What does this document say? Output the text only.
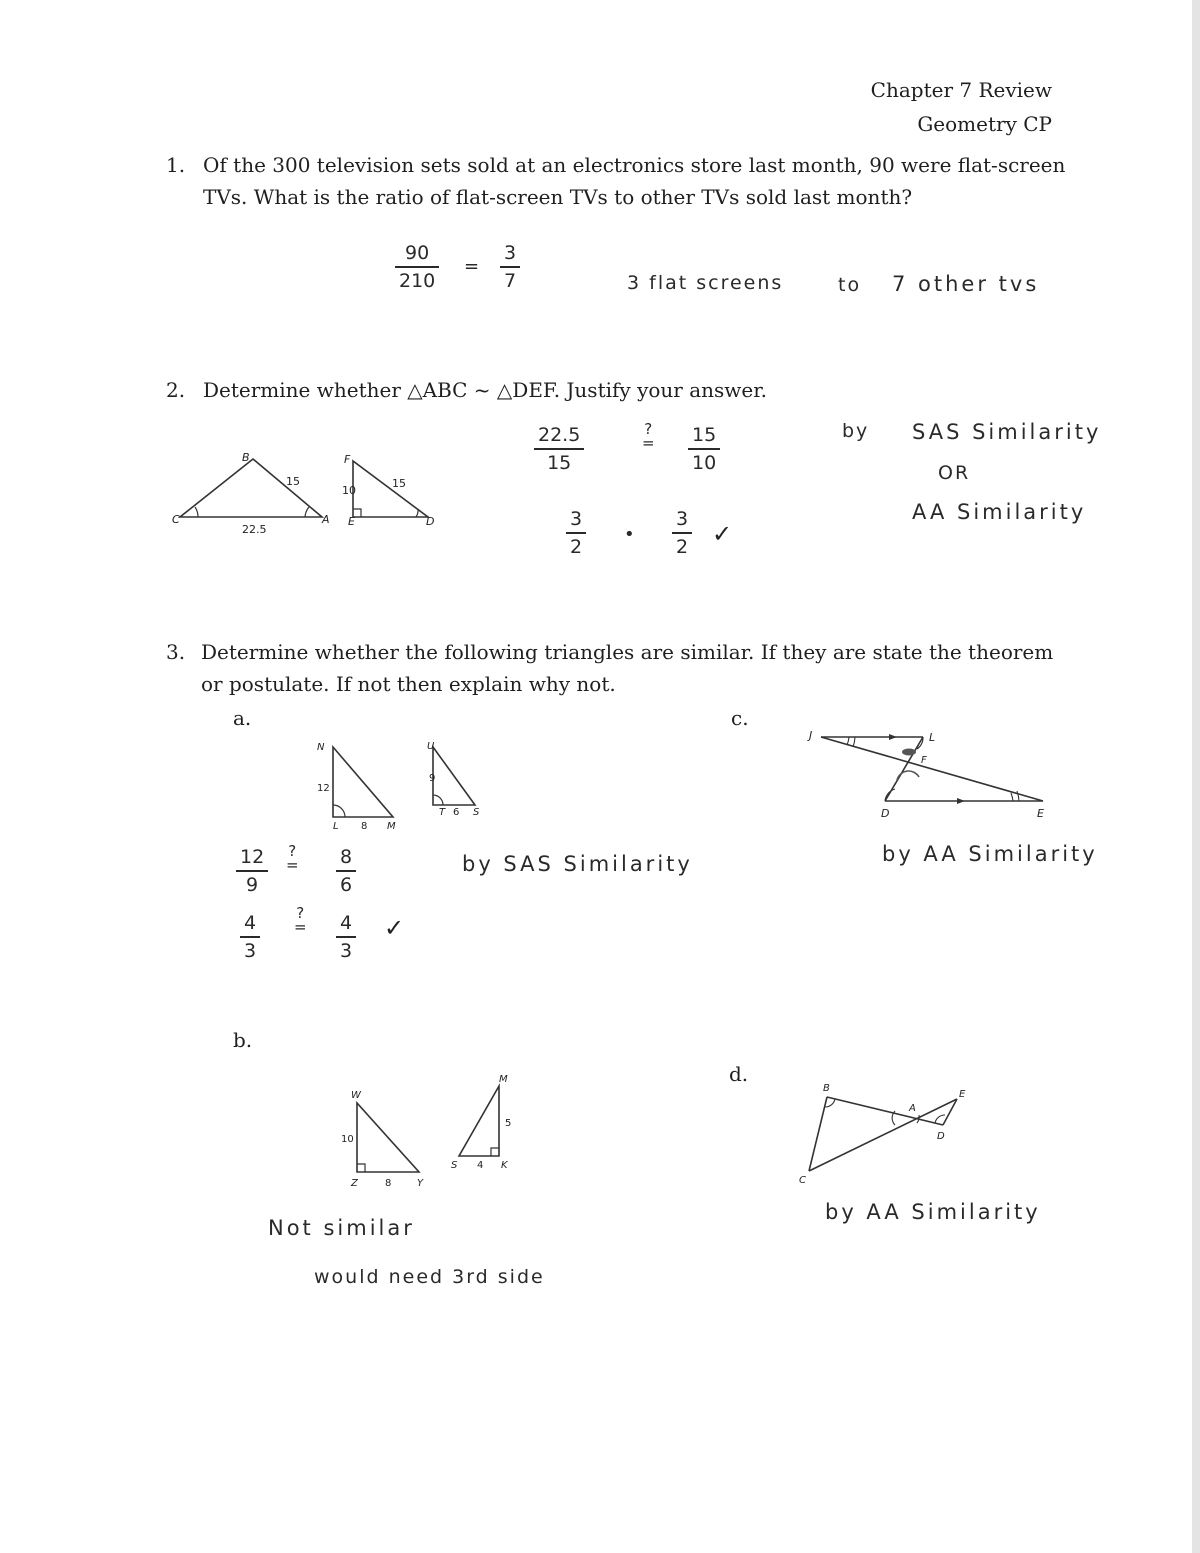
Chapter 7 Review
Geometry CP
1. Of the 300 television sets sold at an electronics store last month, 90 were flat-screen
TVs. What is the ratio of flat-screen TVs to other TVs sold last month?
90
210
=
3
7	3 flat screens	to 7 other tvs
2. Determine whether △ABC ~ △DEF. Justify your answer.
B
C	A
F
E	D
15
22.5
10
15
22.5
15
?
= 15
10
3
2
•
3
2 ✓
by SAS Similarity
OR
AA Similarity
3. Determine whether the following triangles are similar. If they are state the theorem
or postulate. If not then explain why not.
a.
N
L	M
U
T	S
12
8
9
6
12
9
?
= 8
6
4
3
?
= 4
3
✓
by SAS Similarity
b.
W
Z	Y
M
S	K
10
8
5
4
Not similar
would need 3rd side
c.
J	L
F
D	E
by AA Similarity
d.
B
E
A
D
C
by AA Similarity
